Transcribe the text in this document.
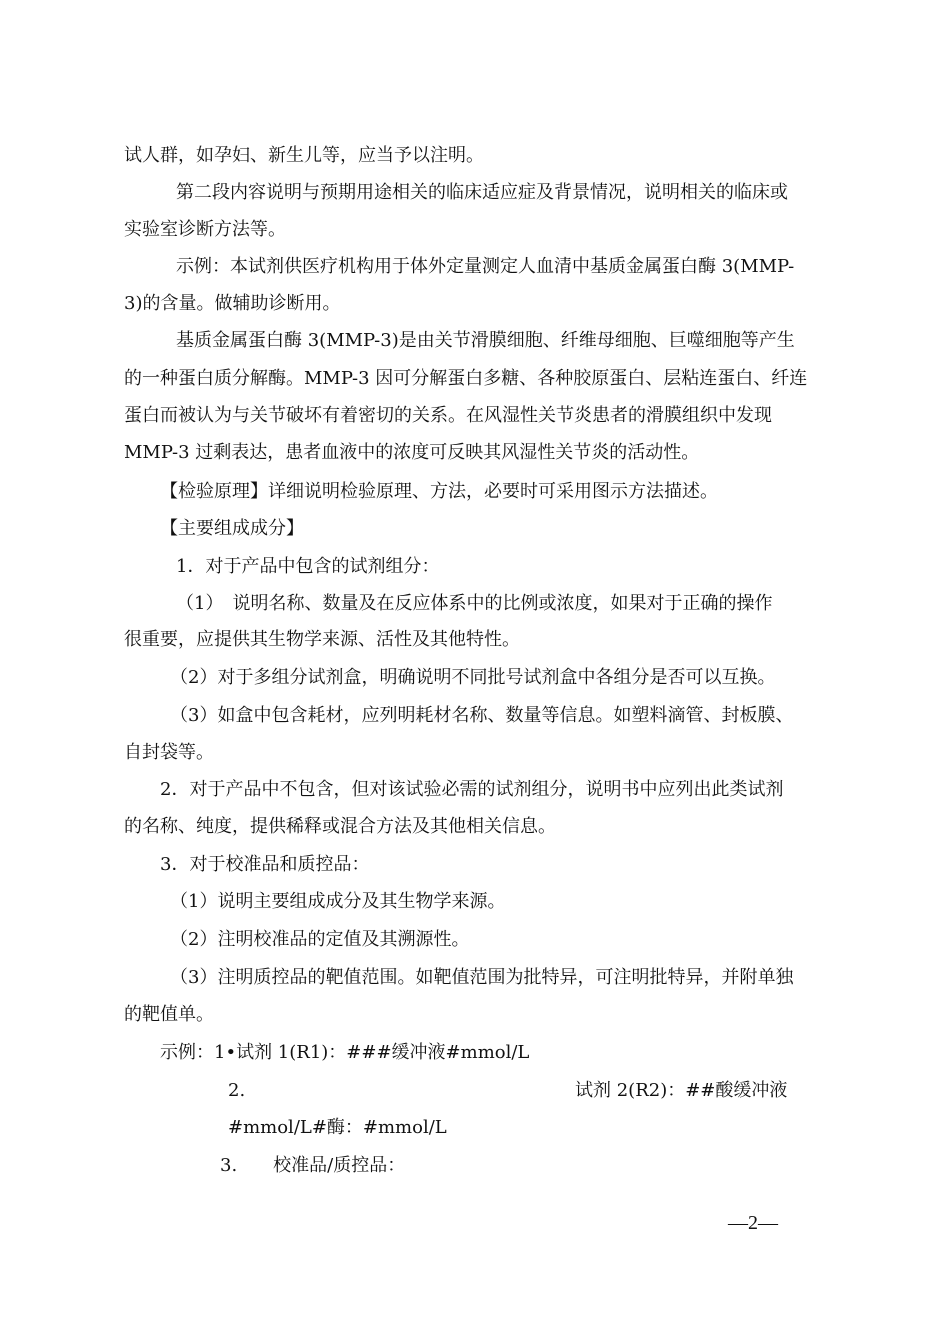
试人群，如孕妇、新生儿等，应当予以注明。

第二段内容说明与预期用途相关的临床适应症及背景情况，说明相关的临床或

实验室诊断方法等。

示例：本试剂供医疗机构用于体外定量测定人血清中基质金属蛋白酶 3(MMP-

3)的含量。做辅助诊断用。

基质金属蛋白酶 3(MMP-3)是由关节滑膜细胞、纤维母细胞、巨噬细胞等产生

的一种蛋白质分解酶。MMP-3 因可分解蛋白多糖、各种胶原蛋白、层粘连蛋白、纤连

蛋白而被认为与关节破坏有着密切的关系。在风湿性关节炎患者的滑膜组织中发现

MMP-3 过剩表达，患者血液中的浓度可反映其风湿性关节炎的活动性。

【检验原理】详细说明检验原理、方法，必要时可采用图示方法描述。

【主要组成成分】

1．对于产品中包含的试剂组分：

（1）　说明名称、数量及在反应体系中的比例或浓度，如果对于正确的操作

很重要，应提供其生物学来源、活性及其他特性。

（2）对于多组分试剂盒，明确说明不同批号试剂盒中各组分是否可以互换。

（3）如盒中包含耗材，应列明耗材名称、数量等信息。如塑料滴管、封板膜、

自封袋等。

2．对于产品中不包含，但对该试验必需的试剂组分，说明书中应列出此类试剂

的名称、纯度，提供稀释或混合方法及其他相关信息。

3．对于校准品和质控品：

（1）说明主要组成成分及其生物学来源。

（2）注明校准品的定值及其溯源性。

（3）注明质控品的靶值范围。如靶值范围为批特异，可注明批特异，并附单独

的靶值单。

示例：1•试剂 1(R1)：###缓冲液#mmol/L

2.	试剂 2(R2)：##酸缓冲液

#mmol/L#酶：#mmol/L

3.　　校准品/质控品：

—2—
